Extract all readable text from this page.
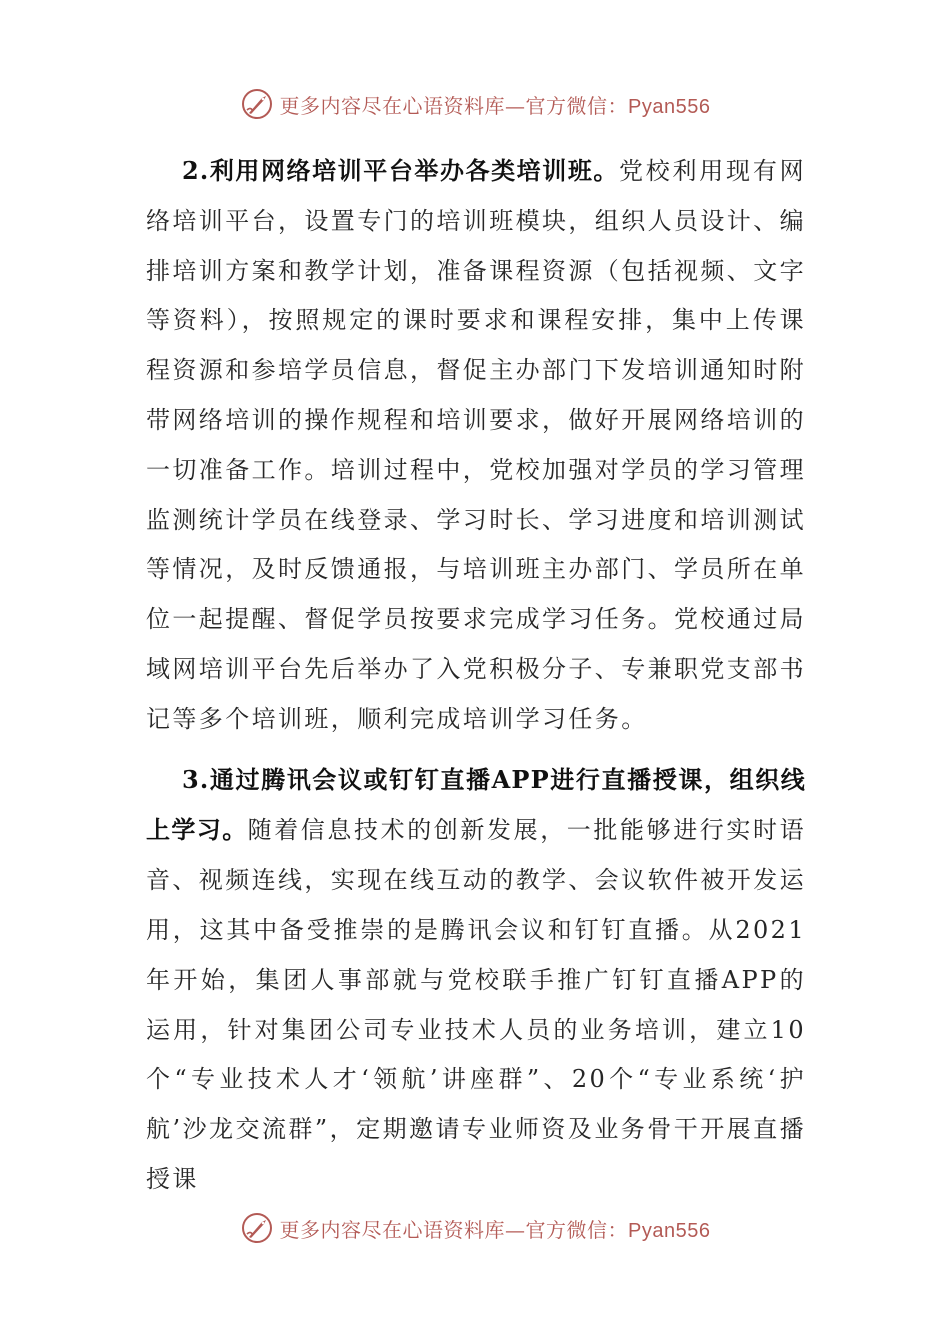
更多内容尽在心语资料库—官方微信：Pyan556

2.利用网络培训平台举办各类培训班。党校利用现有网络培训平台，设置专门的培训班模块，组织人员设计、编排培训方案和教学计划，准备课程资源（包括视频、文字等资料），按照规定的课时要求和课程安排，集中上传课程资源和参培学员信息，督促主办部门下发培训通知时附带网络培训的操作规程和培训要求，做好开展网络培训的一切准备工作。培训过程中，党校加强对学员的学习管理监测统计学员在线登录、学习时长、学习进度和培训测试等情况，及时反馈通报，与培训班主办部门、学员所在单位一起提醒、督促学员按要求完成学习任务。党校通过局域网培训平台先后举办了入党积极分子、专兼职党支部书记等多个培训班，顺利完成培训学习任务。

3.通过腾讯会议或钉钉直播APP进行直播授课，组织线上学习。随着信息技术的创新发展，一批能够进行实时语音、视频连线，实现在线互动的教学、会议软件被开发运用，这其中备受推崇的是腾讯会议和钉钉直播。从2021年开始，集团人事部就与党校联手推广钉钉直播APP的运用，针对集团公司专业技术人员的业务培训，建立10个“专业技术人才‘领航’讲座群”、20个“专业系统‘护航’沙龙交流群”，定期邀请专业师资及业务骨干开展直播授课

更多内容尽在心语资料库—官方微信：Pyan556
